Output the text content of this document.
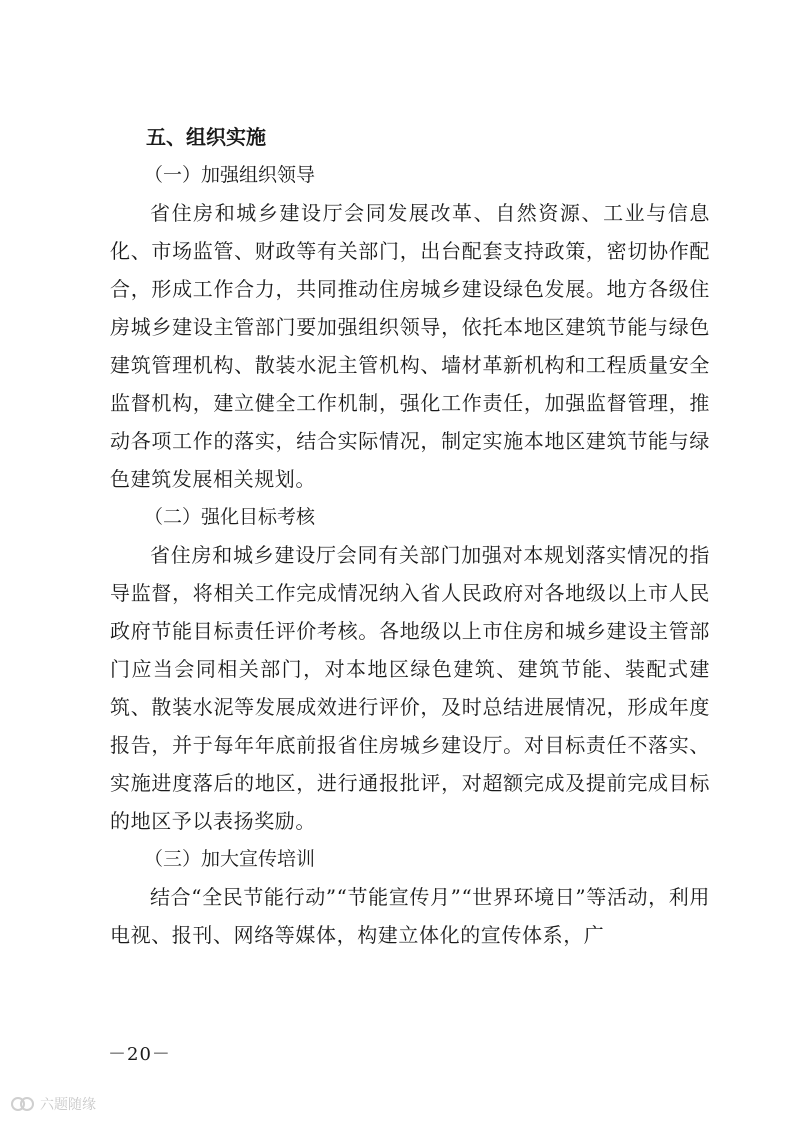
五、组织实施
（一）加强组织领导

省住房和城乡建设厅会同发展改革、自然资源、工业与信息化、市场监管、财政等有关部门，出台配套支持政策，密切协作配合，形成工作合力，共同推动住房城乡建设绿色发展。地方各级住房城乡建设主管部门要加强组织领导，依托本地区建筑节能与绿色建筑管理机构、散装水泥主管机构、墙材革新机构和工程质量安全监督机构，建立健全工作机制，强化工作责任，加强监督管理，推动各项工作的落实，结合实际情况，制定实施本地区建筑节能与绿色建筑发展相关规划。

（二）强化目标考核

省住房和城乡建设厅会同有关部门加强对本规划落实情况的指导监督，将相关工作完成情况纳入省人民政府对各地级以上市人民政府节能目标责任评价考核。各地级以上市住房和城乡建设主管部门应当会同相关部门，对本地区绿色建筑、建筑节能、装配式建筑、散装水泥等发展成效进行评价，及时总结进展情况，形成年度报告，并于每年年底前报省住房城乡建设厅。对目标责任不落实、实施进度落后的地区，进行通报批评，对超额完成及提前完成目标的地区予以表扬奖励。

（三）加大宣传培训

结合“全民节能行动”“节能宣传月”“世界环境日”等活动，利用电视、报刊、网络等媒体，构建立体化的宣传体系，广

－20－
六题随缘
